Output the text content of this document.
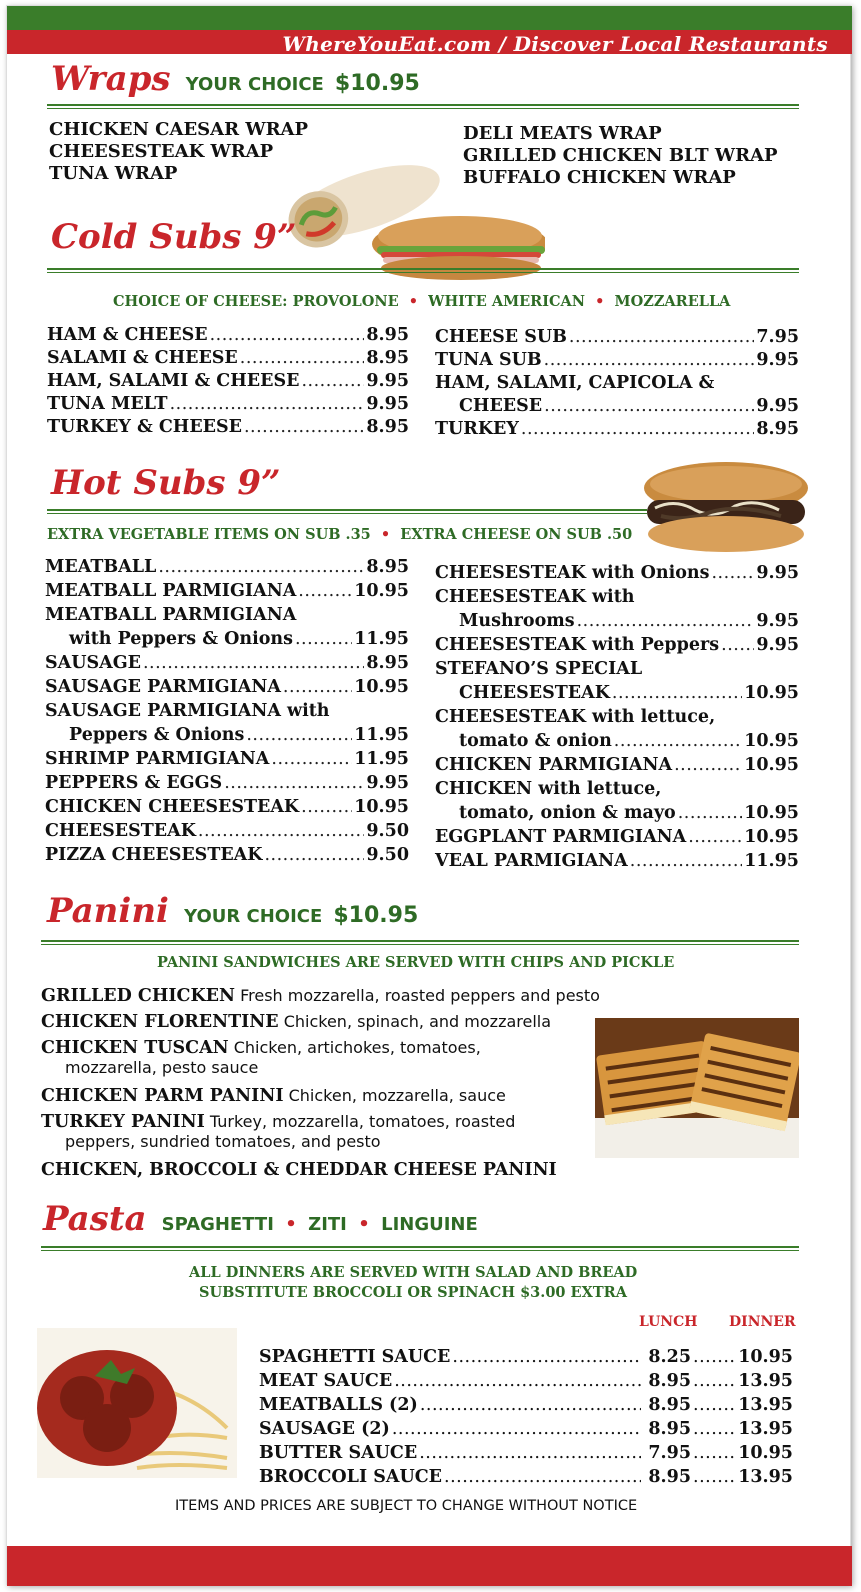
WhereYouEat.com / Discover Local Restaurants
Wraps YOUR CHOICE $10.95
CHICKEN CAESAR WRAP
CHEESESTEAK WRAP
TUNA WRAP
DELI MEATS WRAP
GRILLED CHICKEN BLT WRAP
BUFFALO CHICKEN WRAP
Cold Subs 9”
CHOICE OF CHEESE: PROVOLONE  •  WHITE AMERICAN  •  MOZZARELLA
HAM & CHEESE .....	8.95
SALAMI & CHEESE .....	8.95
HAM, SALAMI & CHEESE .....	9.95
TUNA MELT .....	9.95
TURKEY & CHEESE .....	8.95
CHEESE SUB .....	7.95
TUNA SUB .....	9.95
HAM, SALAMI, CAPICOLA &
CHEESE .....	9.95
TURKEY .....	8.95
Hot Subs 9”
EXTRA VEGETABLE ITEMS ON SUB .35  •  EXTRA CHEESE ON SUB .50
MEATBALL .....	8.95
MEATBALL PARMIGIANA .....	10.95
MEATBALL PARMIGIANA
with Peppers & Onions .....	11.95
SAUSAGE .....	8.95
SAUSAGE PARMIGIANA .....	10.95
SAUSAGE PARMIGIANA with
Peppers & Onions .....	11.95
SHRIMP PARMIGIANA .....	11.95
PEPPERS & EGGS .....	9.95
CHICKEN CHEESESTEAK .....	10.95
CHEESESTEAK .....	9.50
PIZZA CHEESESTEAK .....	9.50
CHEESESTEAK with Onions .....	9.95
CHEESESTEAK with
Mushrooms .....	9.95
CHEESESTEAK with Peppers ..... 9.95
STEFANO’S SPECIAL
CHEESESTEAK .....	10.95
CHEESESTEAK with lettuce,
tomato & onion .....	10.95
CHICKEN PARMIGIANA .....	10.95
CHICKEN with lettuce,
tomato, onion & mayo .....	10.95
EGGPLANT PARMIGIANA .....	10.95
VEAL PARMIGIANA .....	11.95
Panini YOUR CHOICE $10.95
PANINI SANDWICHES ARE SERVED WITH CHIPS AND PICKLE
GRILLED CHICKEN Fresh mozzarella, roasted peppers and pesto
CHICKEN FLORENTINE Chicken, spinach, and mozzarella
CHICKEN TUSCAN Chicken, artichokes, tomatoes,
mozzarella, pesto sauce
CHICKEN PARM PANINI Chicken, mozzarella, sauce
TURKEY PANINI Turkey, mozzarella, tomatoes, roasted
peppers, sundried tomatoes, and pesto
CHICKEN, BROCCOLI & CHEDDAR CHEESE PANINI
Pasta SPAGHETTI  •  ZITI  •  LINGUINE
ALL DINNERS ARE SERVED WITH SALAD AND BREAD
SUBSTITUTE BROCCOLI OR SPINACH $3.00 EXTRA
LUNCH DINNER
SPAGHETTI SAUCE .....	8.25 .....	10.95
MEAT SAUCE .....	8.95 .....	13.95
MEATBALLS (2) .....	8.95 .....	13.95
SAUSAGE (2) .....	8.95 .....	13.95
BUTTER SAUCE .....	7.95 .....	10.95
BROCCOLI SAUCE .....	8.95 .....	13.95
ITEMS AND PRICES ARE SUBJECT TO CHANGE WITHOUT NOTICE
